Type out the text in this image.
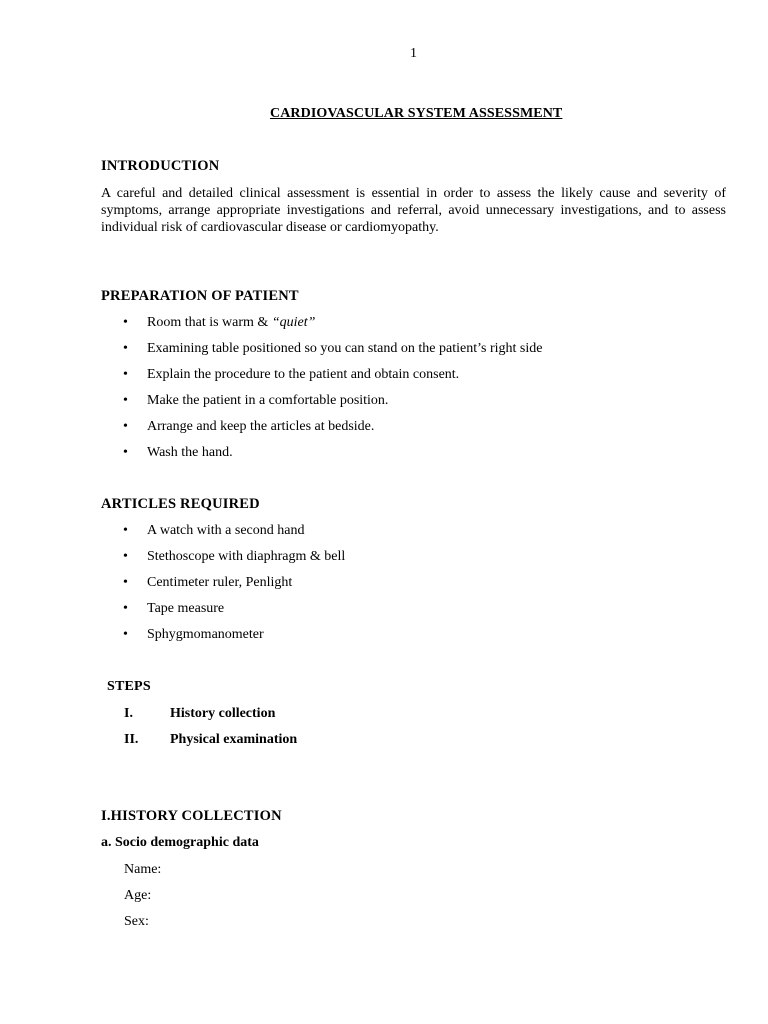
1
CARDIOVASCULAR SYSTEM ASSESSMENT
INTRODUCTION
A careful and detailed clinical assessment is essential in order to assess the likely cause and severity of symptoms, arrange appropriate investigations and referral, avoid unnecessary investigations, and to assess individual risk of cardiovascular disease or cardiomyopathy.
PREPARATION OF PATIENT
•	Room that is warm & “quiet”
•	Examining table positioned so you can stand on the patient’s right side
•	Explain the procedure to the patient and obtain consent.
•	Make the patient in a comfortable position.
•	Arrange and keep the articles at bedside.
•	Wash the hand.
ARTICLES REQUIRED
•	A watch with a second hand
•	Stethoscope with diaphragm & bell
•	Centimeter ruler, Penlight
•	Tape measure
•	Sphygmomanometer
STEPS
I.	History collection
II.	Physical examination
I.HISTORY COLLECTION
a. Socio demographic data
Name:
Age:
Sex:
